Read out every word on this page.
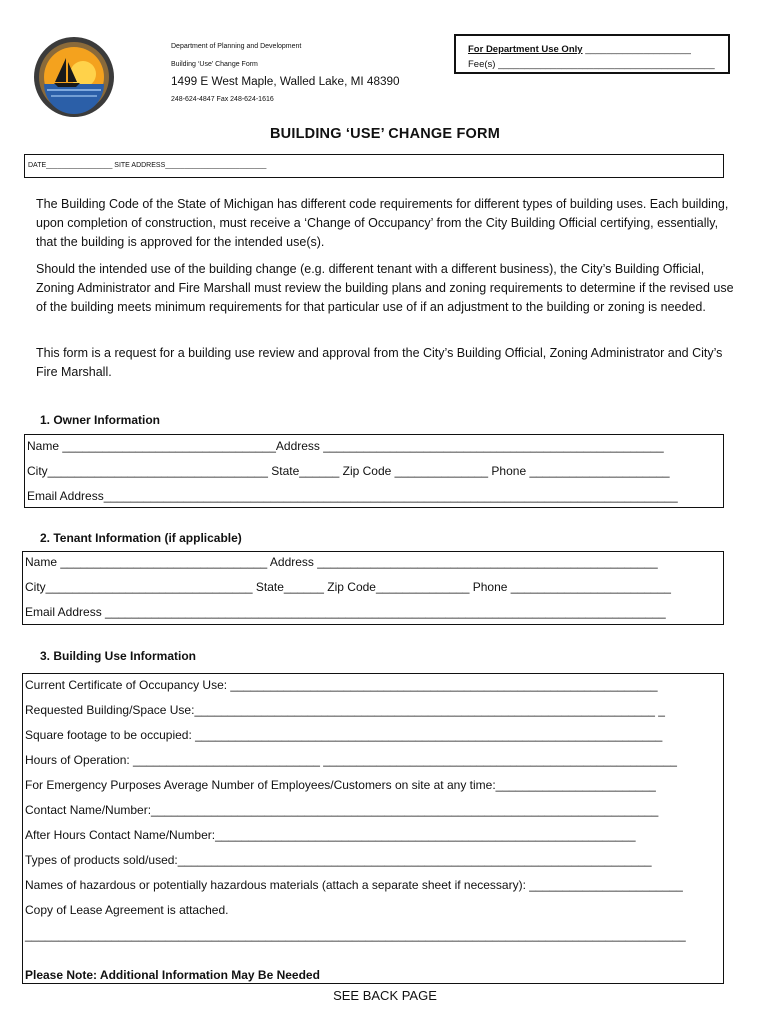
Department of Planning and Development
Building ‘Use’ Change Form
1499 E West Maple, Walled Lake, MI 48390
248-624-4847 Fax 248-624-1616
For Department Use Only ____________________
Fee(s) _________________________________________
BUILDING ‘USE’ CHANGE FORM
DATE_________________ SITE ADDRESS__________________________

The Building Code of the State of Michigan has different code requirements for different types of building uses. Each building, upon completion of construction, must receive a ‘Change of Occupancy’ from the City Building Official certifying, essentially, that the building is approved for the intended use(s).

Should the intended use of the building change (e.g. different tenant with a different business), the City’s Building Official, Zoning Administrator and Fire Marshall must review the building plans and zoning requirements to determine if the revised use of the building meets minimum requirements for that particular use of if an adjustment to the building or zoning is needed.

This form is a request for a building use review and approval from the City’s Building Official, Zoning Administrator and City’s Fire Marshall.

1. Owner Information
Name ________________________________Address ___________________________________________________
City_________________________________ State______ Zip Code ______________ Phone _____________________
Email Address______________________________________________________________________________________
2. Tenant Information (if applicable)
Name _______________________________ Address ___________________________________________________
City_______________________________ State______ Zip Code______________ Phone ________________________
Email Address ____________________________________________________________________________________
3. Building Use Information
Current Certificate of Occupancy Use: ________________________________________________________________
Requested Building/Space Use:_____________________________________________________________________ _
Square footage to be occupied: ______________________________________________________________________
Hours of Operation: ____________________________ _____________________________________________________
For Emergency Purposes Average Number of Employees/Customers on site at any time:________________________
Contact Name/Number:____________________________________________________________________________
After Hours Contact Name/Number:_______________________________________________________________
Types of products sold/used:_______________________________________________________________________
Names of hazardous or potentially hazardous materials (attach a separate sheet if necessary): _______________________
Copy of Lease Agreement is attached.
___________________________________________________________________________________________________
Please Note: Additional Information May Be Needed
SEE BACK PAGE
